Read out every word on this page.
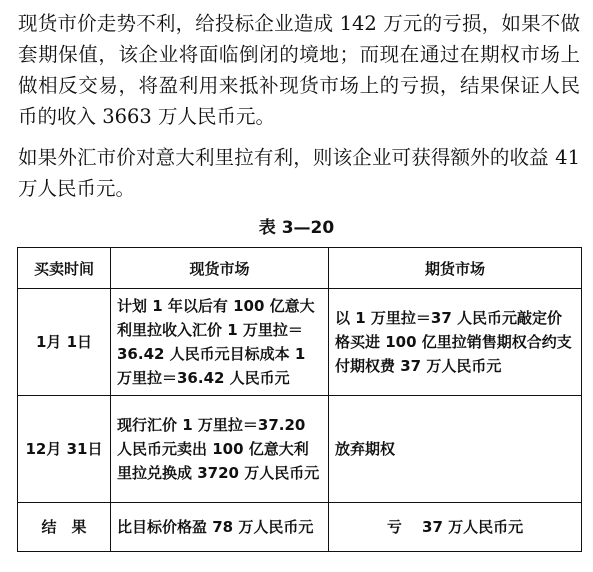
现货市价走势不利，给投标企业造成 142 万元的亏损，如果不做套期保值，该企业将面临倒闭的境地；而现在通过在期权市场上做相反交易，将盈利用来抵补现货市场上的亏损，结果保证人民币的收入 3663 万人民币元。

如果外汇市价对意大利里拉有利，则该企业可获得额外的收益 41 万人民币元。

表 3—20
买卖时间	现货市场	期货市场
1月 1日	计划 1 年以后有 100 亿意大利里拉收入汇价 1 万里拉＝36.42 人民币元目标成本 1 万里拉＝36.42 人民币元	以 1 万里拉＝37 人民币元敲定价格买进 100 亿里拉销售期权合约支付期权费 37 万人民币元
12月 31日	现行汇价 1 万里拉＝37.20 人民币元卖出 100 亿意大利里拉兑换成 3720 万人民币元	放弃期权
结　果	比目标价格盈 78 万人民币元	亏　 37 万人民币元
